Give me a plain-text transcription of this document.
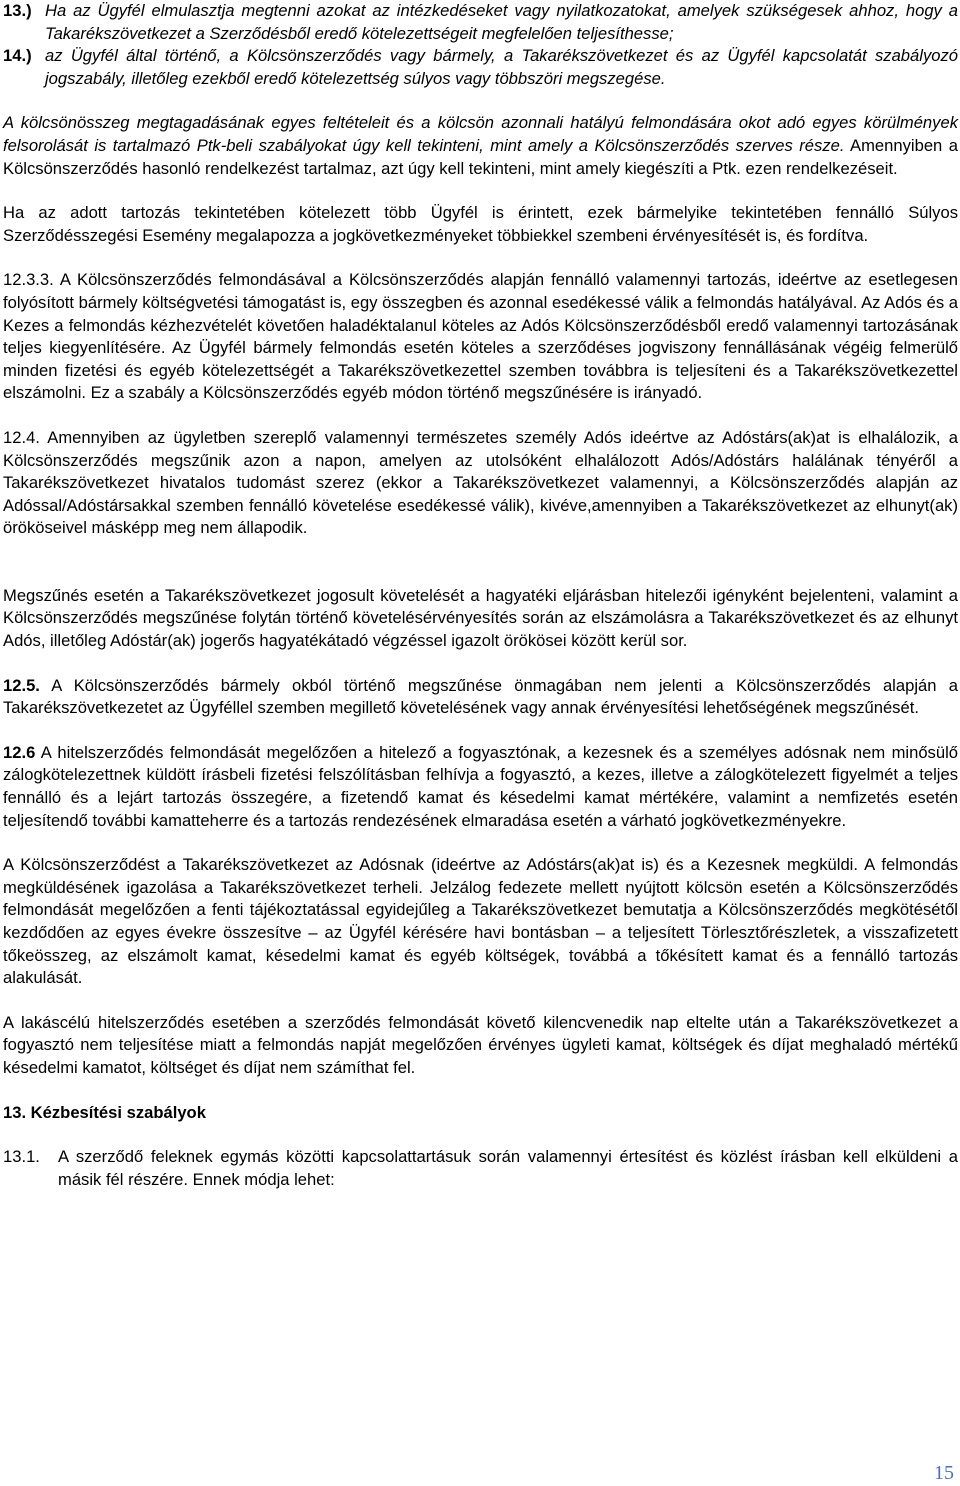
13.) Ha az Ügyfél elmulasztja megtenni azokat az intézkedéseket vagy nyilatkozatokat, amelyek szükségesek ahhoz, hogy a Takarékszövetkezet a Szerződésből eredő kötelezettségeit megfelelően teljesíthesse;
14.) az Ügyfél által történő, a Kölcsönszerződés vagy bármely, a Takarékszövetkezet és az Ügyfél kapcsolatát szabályozó jogszabály, illetőleg ezekből eredő kötelezettség súlyos vagy többszöri megszegése.

A kölcsönösszeg megtagadásának egyes feltételeit és a kölcsön azonnali hatályú felmondására okot adó egyes körülmények felsorolását is tartalmazó Ptk-beli szabályokat úgy kell tekinteni, mint amely a Kölcsönszerződés szerves része. Amennyiben a Kölcsönszerződés hasonló rendelkezést tartalmaz, azt úgy kell tekinteni, mint amely kiegészíti a Ptk. ezen rendelkezéseit.

Ha az adott tartozás tekintetében kötelezett több Ügyfél is érintett, ezek bármelyike tekintetében fennálló Súlyos Szerződésszegési Esemény megalapozza a jogkövetkezményeket többiekkel szembeni érvényesítését is, és fordítva.

12.3.3. A Kölcsönszerződés felmondásával a Kölcsönszerződés alapján fennálló valamennyi tartozás, ideértve az esetlegesen folyósított bármely költségvetési támogatást is, egy összegben és azonnal esedékessé válik a felmondás hatályával. Az Adós és a Kezes a felmondás kézhezvételét követően haladéktalanul köteles az Adós Kölcsönszerződésből eredő valamennyi tartozásának teljes kiegyenlítésére. Az Ügyfél bármely felmondás esetén köteles a szerződéses jogviszony fennállásának végéig felmerülő minden fizetési és egyéb kötelezettségét a Takarékszövetkezettel szemben továbbra is teljesíteni és a Takarékszövetkezettel elszámolni. Ez a szabály a Kölcsönszerződés egyéb módon történő megszűnésére is irányadó.

12.4. Amennyiben az ügyletben szereplő valamennyi természetes személy Adós ideértve az Adóstárs(ak)at is elhalálozik, a Kölcsönszerződés megszűnik azon a napon, amelyen az utolsóként elhalálozott Adós/Adóstárs halálának tényéről a Takarékszövetkezet hivatalos tudomást szerez (ekkor a Takarékszövetkezet valamennyi, a Kölcsönszerződés alapján az Adóssal/Adóstársakkal szemben fennálló követelése esedékessé válik), kivéve,amennyiben a Takarékszövetkezet az elhunyt(ak) örököseivel másképp meg nem állapodik.

Megszűnés esetén a Takarékszövetkezet jogosult követelését a hagyatéki eljárásban hitelezői igényként bejelenteni, valamint a Kölcsönszerződés megszűnése folytán történő követelésérvényesítés során az elszámolásra a Takarékszövetkezet és az elhunyt Adós, illetőleg Adóstár(ak) jogerős hagyatékátadó végzéssel igazolt örökösei között kerül sor.

12.5. A Kölcsönszerződés bármely okból történő megszűnése önmagában nem jelenti a Kölcsönszerződés alapján a Takarékszövetkezetet az Ügyféllel szemben megillető követelésének vagy annak érvényesítési lehetőségének megszűnését.

12.6 A hitelszerződés felmondását megelőzően a hitelező a fogyasztónak, a kezesnek és a személyes adósnak nem minősülő zálogkötelezettnek küldött írásbeli fizetési felszólításban felhívja a fogyasztó, a kezes, illetve a zálogkötelezett figyelmét a teljes fennálló és a lejárt tartozás összegére, a fizetendő kamat és késedelmi kamat mértékére, valamint a nemfizetés esetén teljesítendő további kamatteherre és a tartozás rendezésének elmaradása esetén a várható jogkövetkezményekre.

A Kölcsönszerződést a Takarékszövetkezet az Adósnak (ideértve az Adóstárs(ak)at is) és a Kezesnek megküldi. A felmondás megküldésének igazolása a Takarékszövetkezet terheli. Jelzálog fedezete mellett nyújtott kölcsön esetén a Kölcsönszerződés felmondását megelőzően a fenti tájékoztatással egyidejűleg a Takarékszövetkezet bemutatja a Kölcsönszerződés megkötésétől kezdődően az egyes évekre összesítve – az Ügyfél kérésére havi bontásban – a teljesített Törlesztőrészletek, a visszafizetett tőkeösszeg, az elszámolt kamat, késedelmi kamat és egyéb költségek, továbbá a tőkésített kamat és a fennálló tartozás alakulását.

A lakáscélú hitelszerződés esetében a szerződés felmondását követő kilencvenedik nap eltelte után a Takarékszövetkezet a fogyasztó nem teljesítése miatt a felmondás napját megelőzően érvényes ügyleti kamat, költségek és díjat meghaladó mértékű késedelmi kamatot, költséget és díjat nem számíthat fel.

13. Kézbesítési szabályok

13.1.	A szerződő feleknek egymás közötti kapcsolattartásuk során valamennyi értesítést és közlést írásban kell elküldeni a másik fél részére. Ennek módja lehet:
15
